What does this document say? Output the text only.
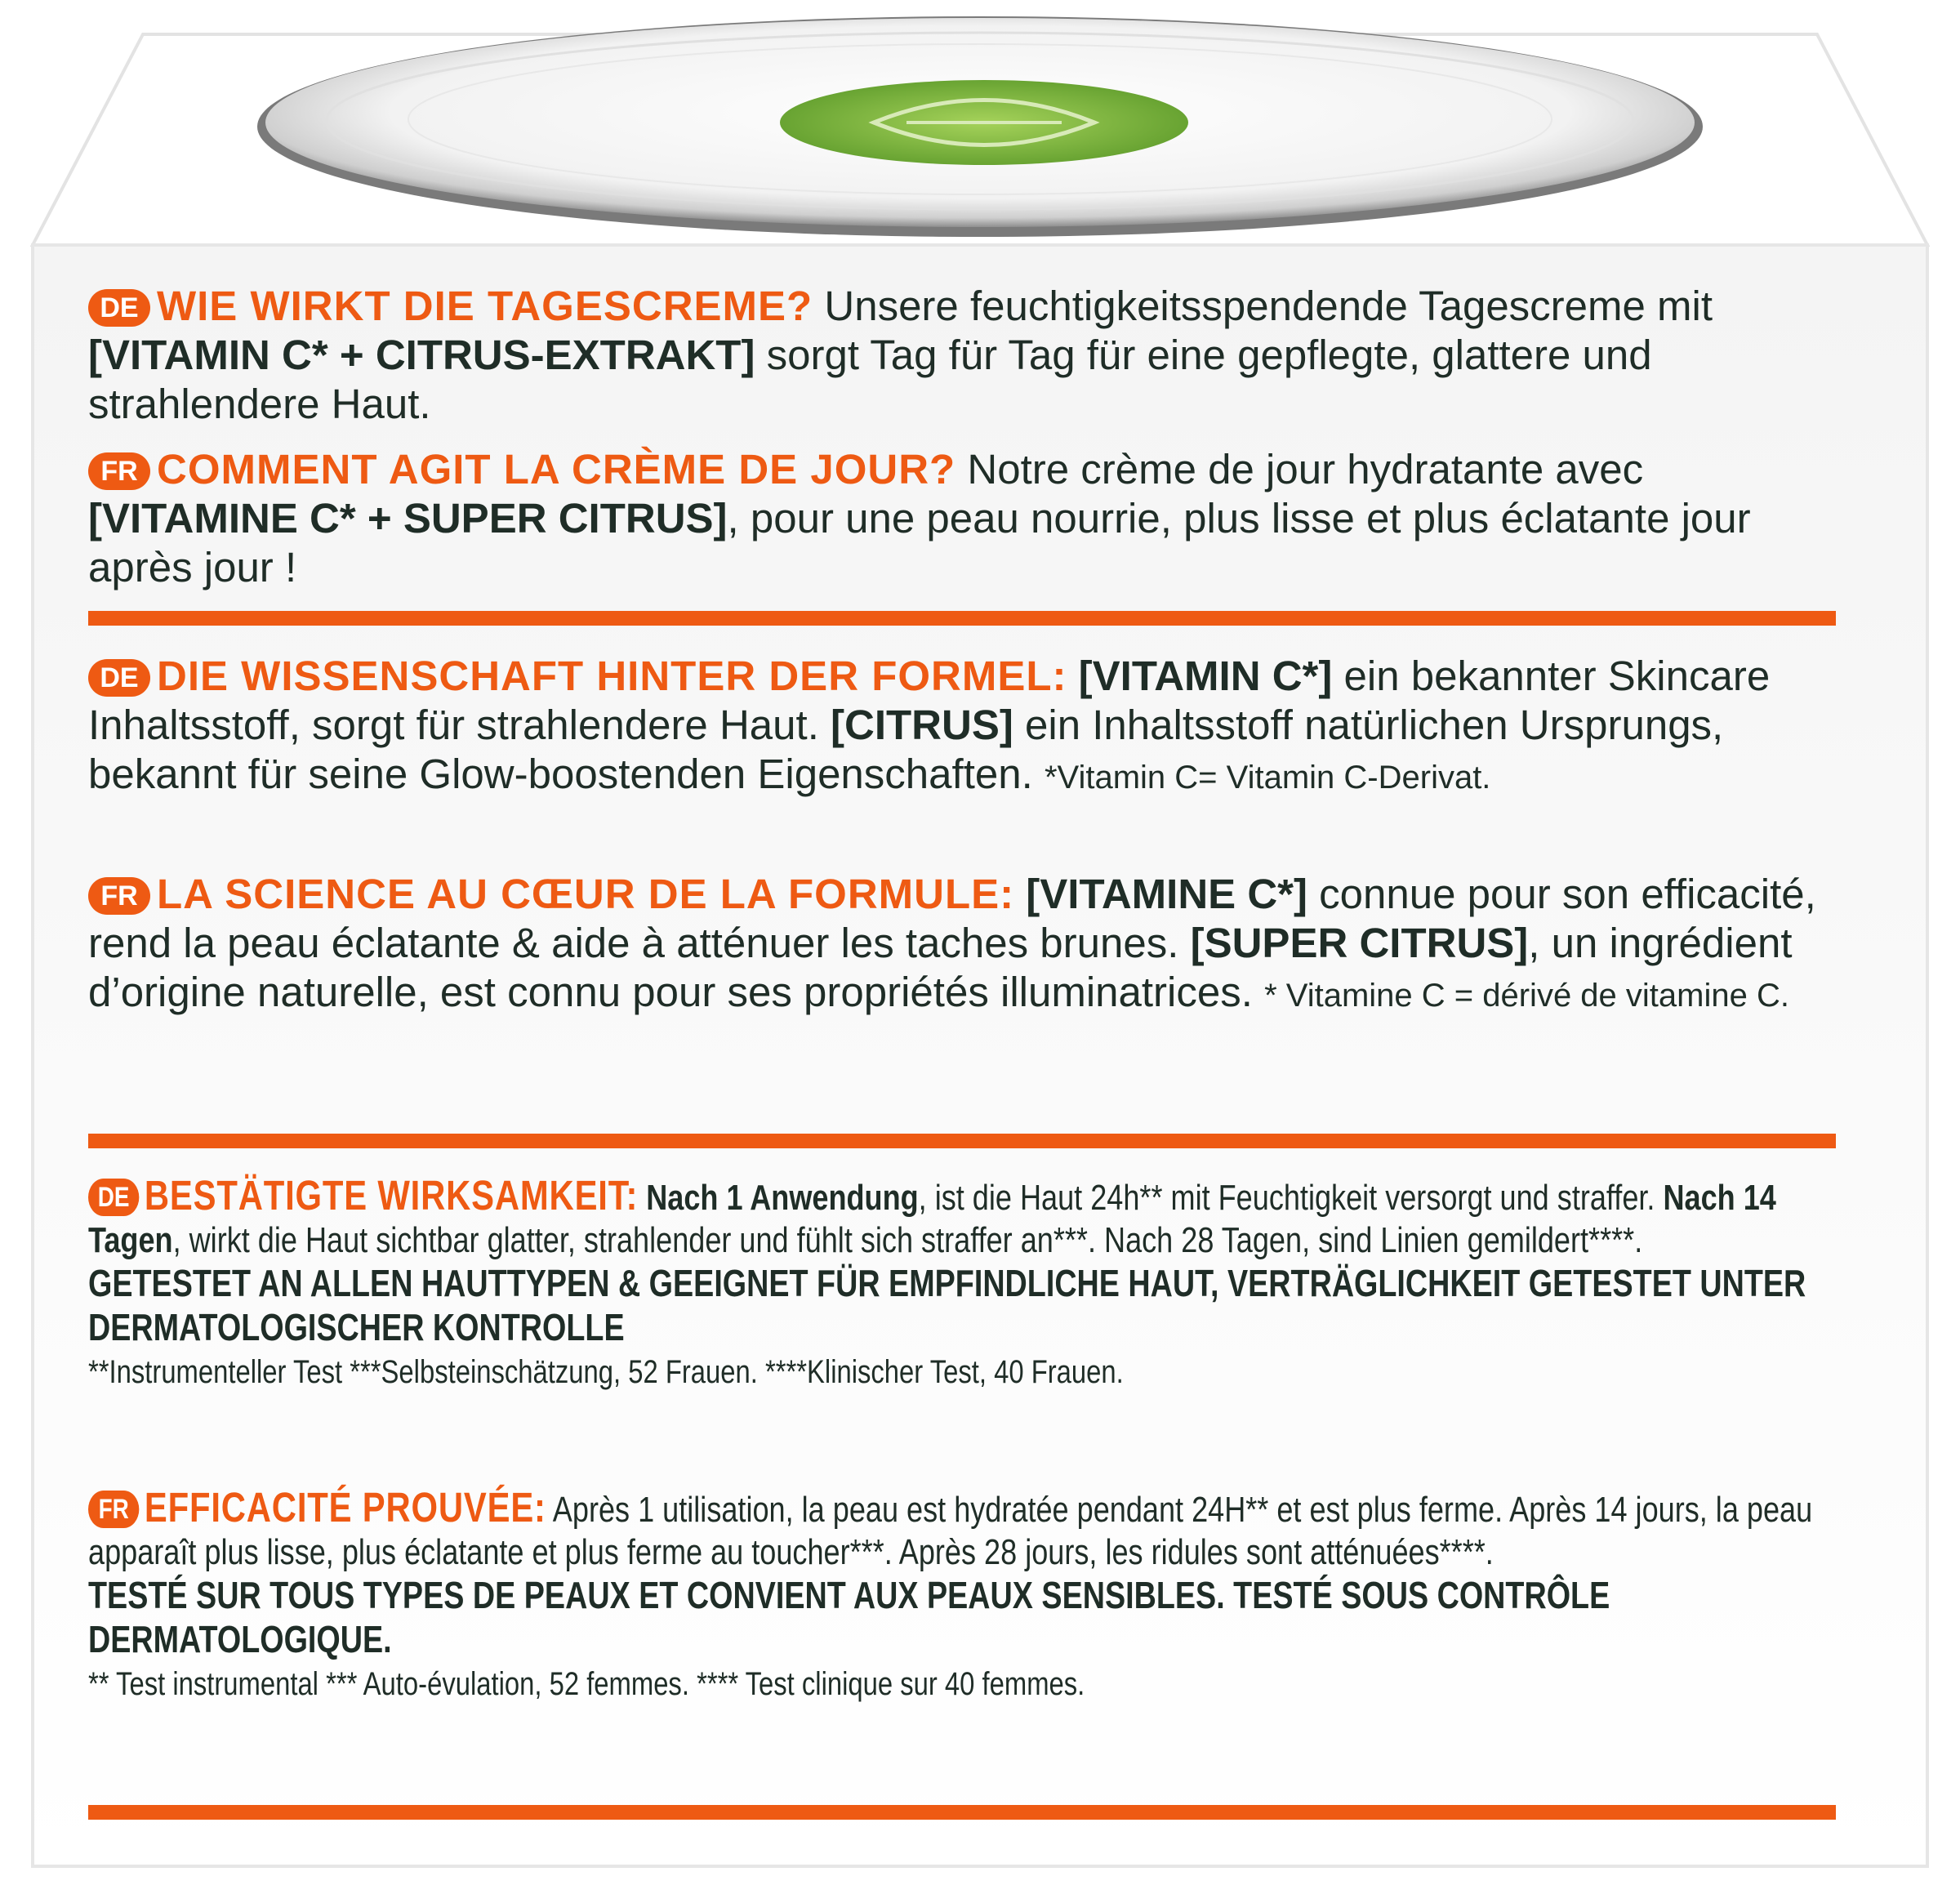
DE WIE WIRKT DIE TAGESCREME? Unsere feuchtigkeitsspendende Tagescreme mit [VITAMIN C* + CITRUS-EXTRAKT] sorgt Tag für Tag für eine gepflegte, glattere und strahlendere Haut.
FR COMMENT AGIT LA CRÈME DE JOUR? Notre crème de jour hydratante avec [VITAMINE C* + SUPER CITRUS], pour une peau nourrie, plus lisse et plus éclatante jour après jour !
DE DIE WISSENSCHAFT HINTER DER FORMEL: [VITAMIN C*] ein bekannter Skincare Inhaltsstoff, sorgt für strahlendere Haut. [CITRUS] ein Inhaltsstoff natürlichen Ursprungs, bekannt für seine Glow-boostenden Eigenschaften. *Vitamin C= Vitamin C-Derivat.
FR LA SCIENCE AU CŒUR DE LA FORMULE: [VITAMINE C*] connue pour son efficacité, rend la peau éclatante & aide à atténuer les taches brunes. [SUPER CITRUS], un ingrédient d’origine naturelle, est connu pour ses propriétés illuminatrices. * Vitamine C = dérivé de vitamine C.
DE BESTÄTIGTE WIRKSAMKEIT: Nach 1 Anwendung, ist die Haut 24h** mit Feuchtigkeit versorgt und straffer. Nach 14 Tagen, wirkt die Haut sichtbar glatter, strahlender und fühlt sich straffer an***. Nach 28 Tagen, sind Linien gemildert****.
GETESTET AN ALLEN HAUTTYPEN & GEEIGNET FÜR EMPFINDLICHE HAUT, VERTRÄGLICHKEIT GETESTET UNTER DERMATOLOGISCHER KONTROLLE
**Instrumenteller Test ***Selbsteinschätzung, 52 Frauen. ****Klinischer Test, 40 Frauen.
FR EFFICACITÉ PROUVÉE: Après 1 utilisation, la peau est hydratée pendant 24H** et est plus ferme. Après 14 jours, la peau apparaît plus lisse, plus éclatante et plus ferme au toucher***. Après 28 jours, les ridules sont atténuées****.
TESTÉ SUR TOUS TYPES DE PEAUX ET CONVIENT AUX PEAUX SENSIBLES. TESTÉ SOUS CONTRÔLE DERMATOLOGIQUE.
** Test instrumental *** Auto-évulation, 52 femmes. **** Test clinique sur 40 femmes.
